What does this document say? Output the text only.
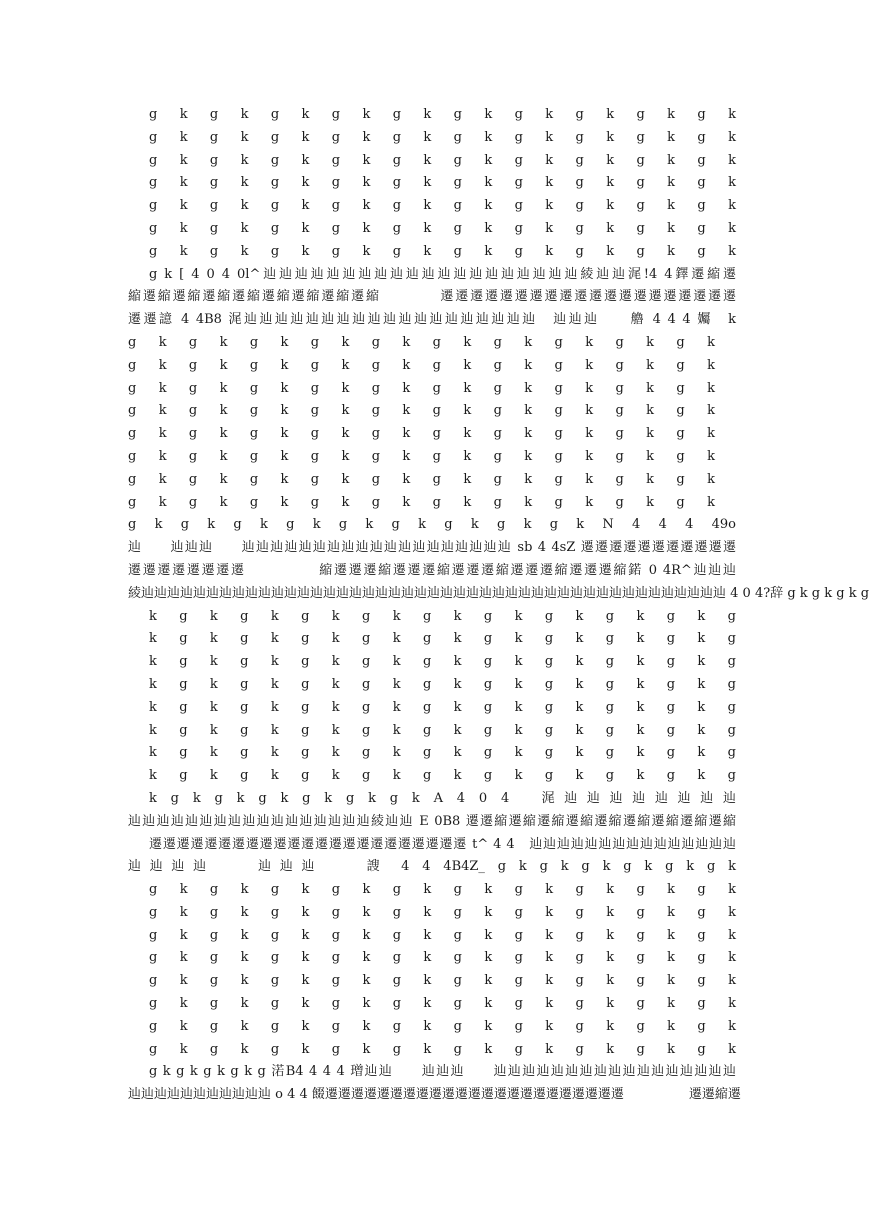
g k g k g k g k g k g k g k g k g k g k
g k g k g k g k g k g k g k g k g k g k
g k g k g k g k g k g k g k g k g k g k
g k g k g k g k g k g k g k g k g k g k
g k g k g k g k g k g k g k g k g k g k
g k g k g k g k g k g k g k g k g k g k
g k g k g k g k g k g k g k g k g k g k
g k [ 4 0 4 0l^辿辿辿辿辿辿辿辿辿辿辿辿辿辿辿辿辿辿辿辿綾辿辿浘!4 4鐸遷縮遷
縮遷縮遷縮遷縮遷縮遷縮遷縮遷縮遷縮　　　　遷遷遷遷遷遷遷遷遷遷遷遷遷遷遷遷遷遷遷遷
遷遷譩 4 4B8 浘辿辿辿辿辿辿辿辿辿辿辿辿辿辿辿辿辿辿辿　辿辿辿　　艪 4 4 4 孎　k
g k g k g k g k g k g k g k g k g k g k
g k g k g k g k g k g k g k g k g k g k
g k g k g k g k g k g k g k g k g k g k
g k g k g k g k g k g k g k g k g k g k
g k g k g k g k g k g k g k g k g k g k
g k g k g k g k g k g k g k g k g k g k
g k g k g k g k g k g k g k g k g k g k
g k g k g k g k g k g k g k g k g k g k
g k g k g k g k g k g k g k g k g k N 4 4 4 49o
辿　　辿辿辿　　辿辿辿辿辿辿辿辿辿辿辿辿辿辿辿辿辿辿辿 sb 4 4sZ 遷遷遷遷遷遷遷遷遷遷遷
遷遷遷遷遷遷遷遷　　　　　縮遷遷遷縮遷遷遷縮遷遷遷縮遷遷遷縮遷遷遷縮鍩 0 4R^辿辿辿
綾辿辿辿辿辿辿辿辿辿辿辿辿辿辿辿辿辿辿辿辿辿辿辿辿辿辿辿辿辿辿辿辿辿辿辿辿辿辿辿辿辿辿辿辿辿 4 0 4?辞 g k g k g k g
k g k g k g k g k g k g k g k g k g k g
k g k g k g k g k g k g k g k g k g k g
k g k g k g k g k g k g k g k g k g k g
k g k g k g k g k g k g k g k g k g k g
k g k g k g k g k g k g k g k g k g k g
k g k g k g k g k g k g k g k g k g k g
k g k g k g k g k g k g k g k g k g k g
k g k g k g k g k g k g k g k g k g k g
k g k g k g k g k g k g k A 4 0 4　浘辿辿辿辿辿辿辿辿
辿辿辿辿辿辿辿辿辿辿辿辿辿辿辿辿辿綾辿辿 E 0B8 遷遷縮遷縮遷縮遷縮遷縮遷縮遷縮遷縮遷縮
遷遷遷遷遷遷遷遷遷遷遷遷遷遷遷遷遷遷遷遷遷遷遷 t^ 4 4　辿辿辿辿辿辿辿辿辿辿辿辿辿辿辿
辿辿辿辿　　辿辿辿　　謏 4 4 4B4Z_ g k g k g k g k g k g k
g k g k g k g k g k g k g k g k g k g k
g k g k g k g k g k g k g k g k g k g k
g k g k g k g k g k g k g k g k g k g k
g k g k g k g k g k g k g k g k g k g k
g k g k g k g k g k g k g k g k g k g k
g k g k g k g k g k g k g k g k g k g k
g k g k g k g k g k g k g k g k g k g k
g k g k g k g k g k g k g k g k g k g k
g k g k g k g k g 渃B4 4 4 4 璔辿辿　　辿辿辿　　辿辿辿辿辿辿辿辿辿辿辿辿辿辿辿辿辿
辿辿辿辿辿辿辿辿辿辿辿 o 4 4 餟遷遷遷遷遷遷遷遷遷遷遷遷遷遷遷遷遷遷遷遷遷遷遷　　　　　遷遷縮遷
